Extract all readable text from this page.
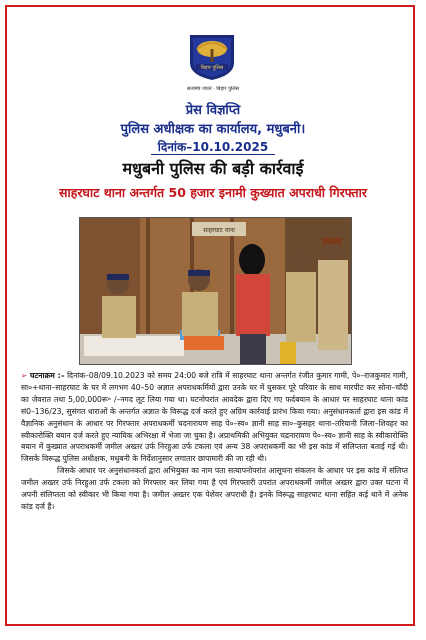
बिहार पुलिस
सत्यमेव जयते · बिहार पुलिस
प्रेस विज्ञप्ति
पुलिस अधीक्षक का कार्यालय, मधुबनी।
दिनांक–10.10.2025
मधुबनी पुलिस की बड़ी कार्रवाई
साहरघाट थाना अन्तर्गत 50 हजार इनामी कुख्यात अपराधी गिरफ्तार
साहरघाट थाना
➢ घटनाक्रम :– दिनांक–08/09.10.2023 को समय 24:00 बजे रात्रि में साहरघाट थाना अन्तर्गत रंजीत कुमार गामी, पे०–राजकुमार गामी, सा०+थाना–साहरघाट के घर में लगभग 40–50 अज्ञात अपराधकर्मियों द्वारा उनके घर में घुसकर पूरे परिवार के साथ मारपीट कर सोना–चाँदी का जेवरात तथा 5,00,000रू॰ /–नगद लूट लिया गया था। घटनोपरांत आवदेक द्वारा दिए गए फर्दबयान के आधार पर साहरघाट थाना कांड सं0–136/23, सुसंगत धाराओं के अन्तर्गत अज्ञात के विरूद्ध दर्ज करते हुए अग्रिम कार्रवाई प्रारंभ किया गया। अनुसंधानकर्ता द्वारा इस कांड में वैज्ञानिक अनुसंधान के आधार पर गिरफ्तार अपराधकर्मी चदनारायण साह पे०–स्व० ज्ञानी साह सा०–कुसहर थाना–तरियानी जिला–शिवहर का स्वीकारोक्ति बयान दर्ज करते हुए न्यायिक अभिरक्षा में भेजा जा चुका है। अप्राथमिकी अभियुक्त चद्रनारायण पे०–स्व० ज्ञानी साह के स्वीकारोक्ति बयान में कुख्यात अपराधकर्मी जमील अख्तर उर्फ निरहुआ उर्फ टकला एवं अन्य 38 अपराधकर्मी का भी इस कांड में संलिप्तता बताई गई थी। जिसके विरूद्ध पुलिस अधीक्षक, मधुबनी के निर्देशानुसार लगातार छापामारी की जा रही थी।
जिसके आधार पर अनुसंधानकर्ता द्वारा अभियुक्त का नाम पता सत्यापनोपरांत आसूचना संकलन के आधार पर इस कांड में संलिप्त जमील अख्तर उर्फ निरहुआ उर्फ टकला को गिरफ्तार कर लिया गया है एवं गिरफ्तारी उपरांत अपराधकर्मी जमील अख्तर द्वारा उक्त घटना में अपनी संलिप्तता को स्वीकार भी किया गया है। जमील अख्तर एक पेशेवर अपराधी है। इनके विरूद्ध साहरघाट थाना सहित कई थाने में अनेक कांड दर्ज हैं।
